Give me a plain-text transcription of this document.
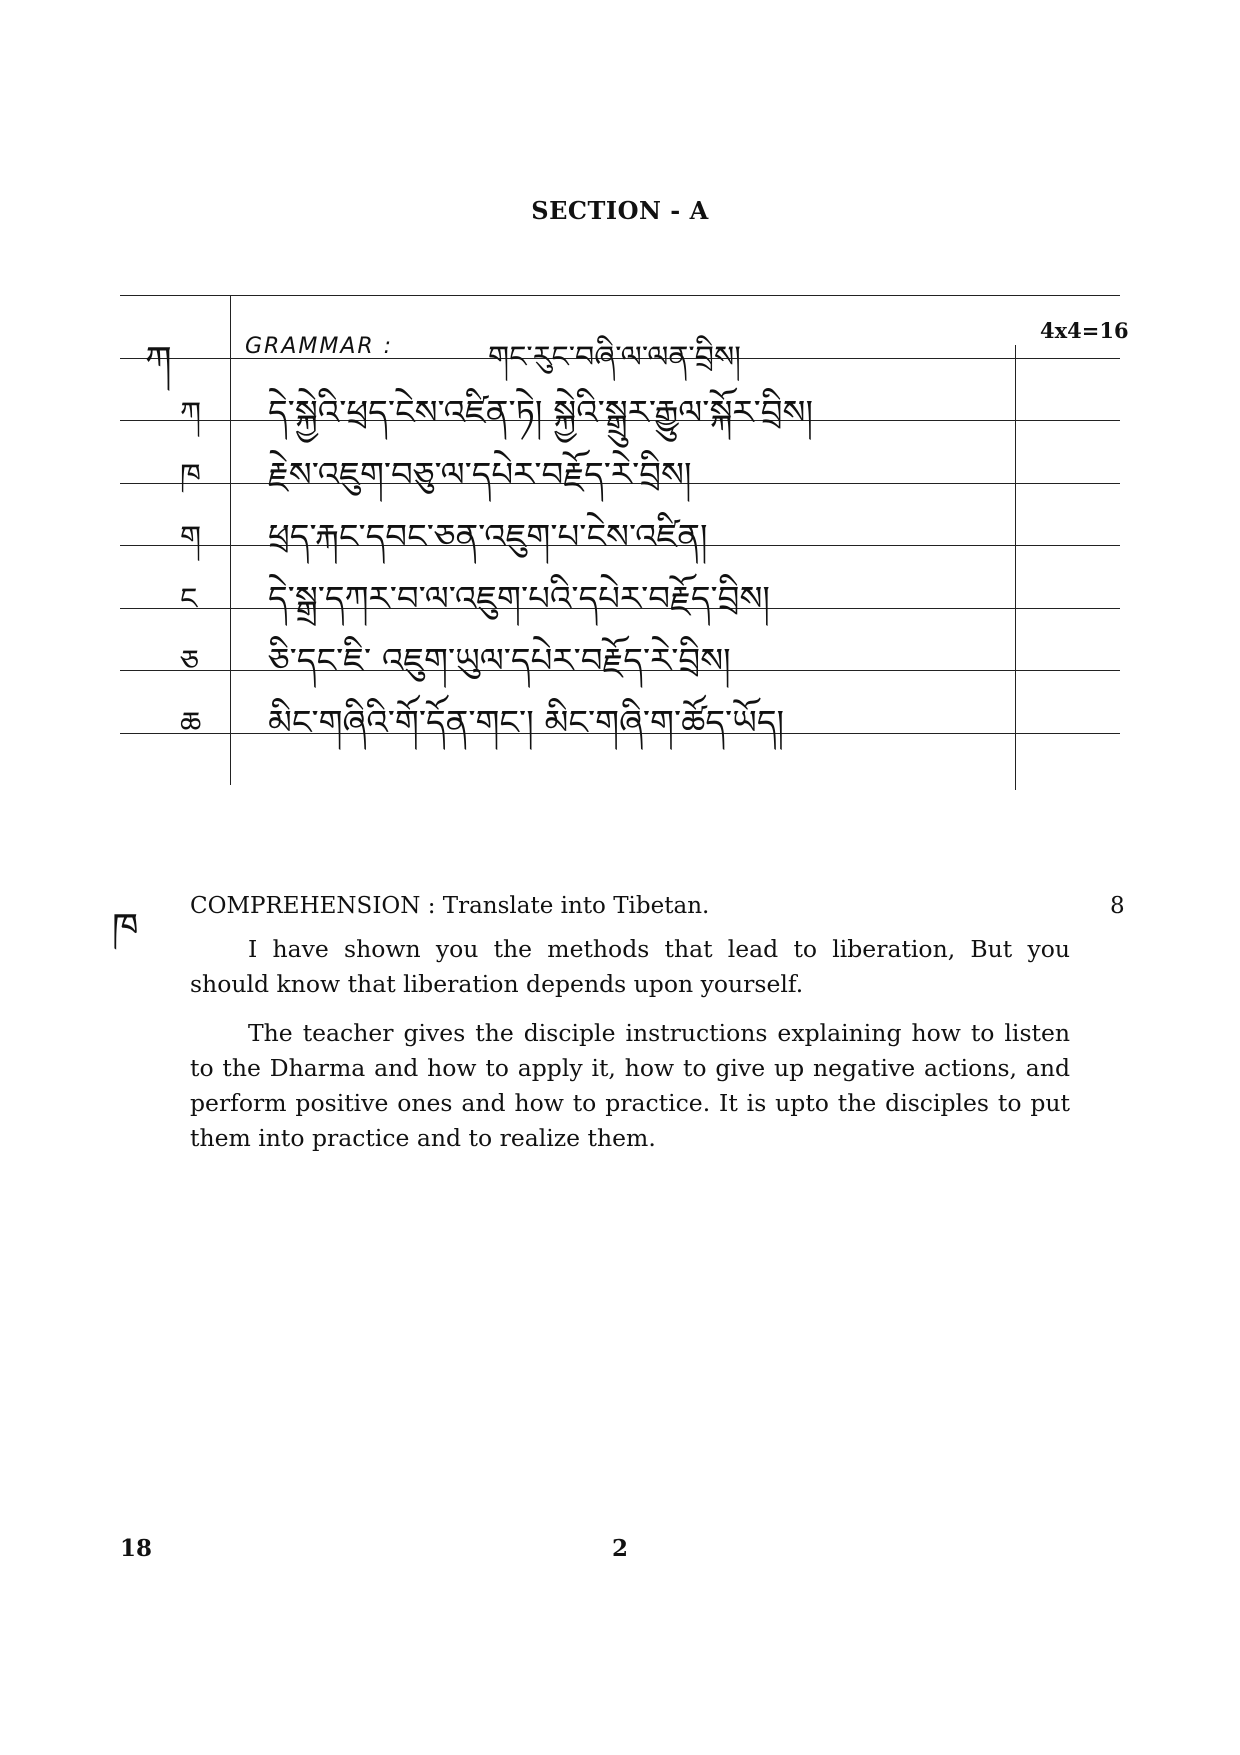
SECTION - A
ཀ	GRAMMAR :	གང་རུང་བཞི་ལ་ལན་བྲིས།
4x4=16
ཀ དེ་སྐྱེའི་ཕྲད་ངེས་འཛིན་ཏེ། སྐྱེའི་སྒྲུར་རྒྱུལ་སྐོར་བྲིས།
ཁ རྗེས་འཇུག་བཅུ་ལ་དཔེར་བརྗོད་རེ་བྲིས།
ག ཕྲད་རྐང་དབང་ཅན་འཇུག་པ་ངེས་འཛིན།
ང དེ་སྒྲ་དཀར་བ་ལ་འཇུག་པའི་དཔེར་བརྗོད་བྲིས།
ཅ ཅི་དང་ཇི་ འཇུག་ཡུལ་དཔེར་བརྗོད་རེ་བྲིས།
ཆ མིང་གཞིའི་གོ་དོན་གང་། མིང་གཞི་ག་ཚོད་ཡོད།
ཁ COMPREHENSION : Translate into Tibetan.	8
I have shown you the methods that lead to liberation, But you should know that liberation depends upon yourself.
The teacher gives the disciple instructions explaining how to listen to the Dharma and how to apply it, how to give up negative actions, and perform positive ones and how to practice. It is upto the disciples to put them into practice and to realize them.
18	2
